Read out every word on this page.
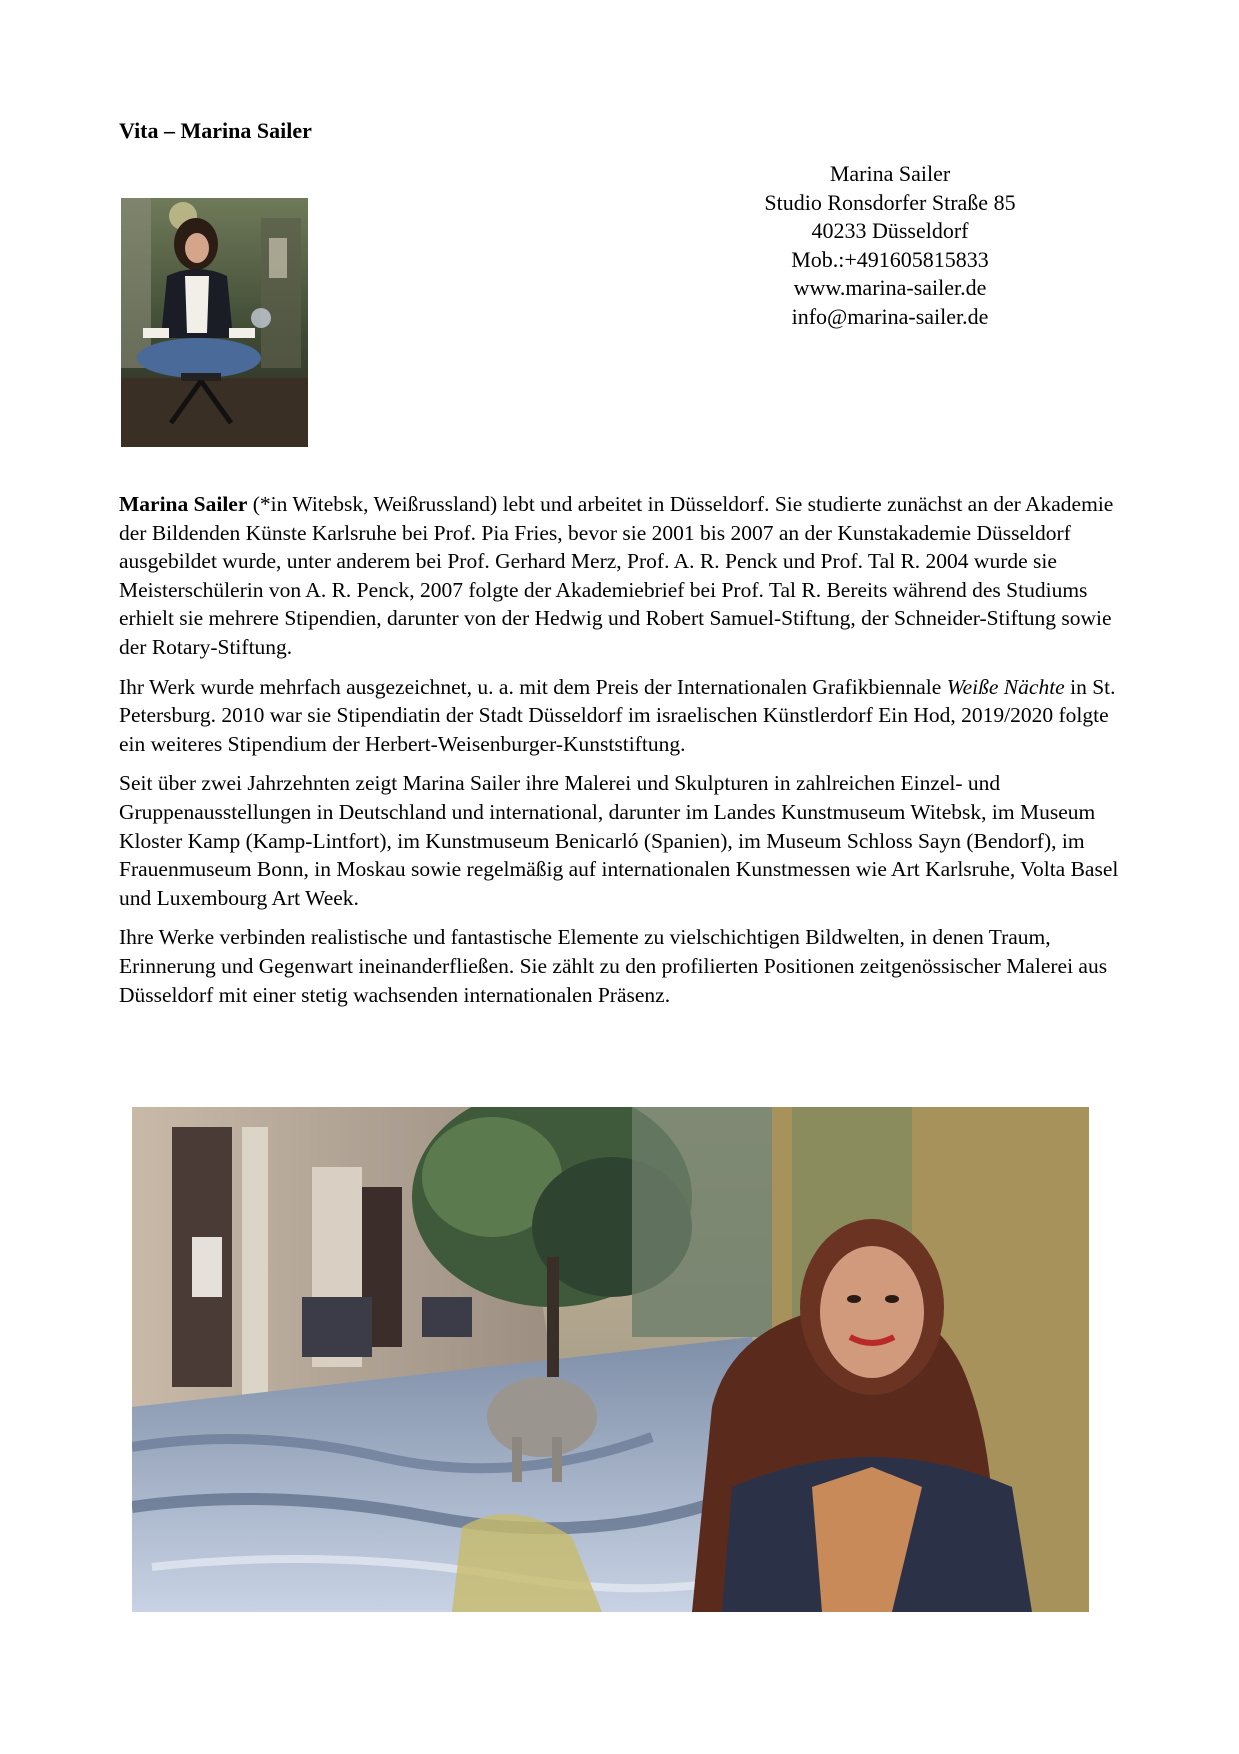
Vita – Marina Sailer
Marina Sailer
Studio Ronsdorfer Straße 85
40233 Düsseldorf
Mob.:+491605815833
www.marina-sailer.de
info@marina-sailer.de

Marina Sailer (*in Witebsk, Weißrussland) lebt und arbeitet in Düsseldorf. Sie studierte zunächst an der Akademie der Bildenden Künste Karlsruhe bei Prof. Pia Fries, bevor sie 2001 bis 2007 an der Kunstakademie Düsseldorf ausgebildet wurde, unter anderem bei Prof. Gerhard Merz, Prof. A. R. Penck und Prof. Tal R. 2004 wurde sie Meisterschülerin von A. R. Penck, 2007 folgte der Akademiebrief bei Prof. Tal R. Bereits während des Studiums erhielt sie mehrere Stipendien, darunter von der Hedwig und Robert Samuel-Stiftung, der Schneider-Stiftung sowie der Rotary-Stiftung.

Ihr Werk wurde mehrfach ausgezeichnet, u. a. mit dem Preis der Internationalen Grafikbiennale Weiße Nächte in St. Petersburg. 2010 war sie Stipendiatin der Stadt Düsseldorf im israelischen Künstlerdorf Ein Hod, 2019/2020 folgte ein weiteres Stipendium der Herbert-Weisenburger-Kunststiftung.

Seit über zwei Jahrzehnten zeigt Marina Sailer ihre Malerei und Skulpturen in zahlreichen Einzel- und Gruppenausstellungen in Deutschland und international, darunter im Landes Kunstmuseum Witebsk, im Museum Kloster Kamp (Kamp-Lintfort), im Kunstmuseum Benicarló (Spanien), im Museum Schloss Sayn (Bendorf), im Frauenmuseum Bonn, in Moskau sowie regelmäßig auf internationalen Kunstmessen wie Art Karlsruhe, Volta Basel und Luxembourg Art Week.

Ihre Werke verbinden realistische und fantastische Elemente zu vielschichtigen Bildwelten, in denen Traum, Erinnerung und Gegenwart ineinanderfließen. Sie zählt zu den profilierten Positionen zeitgenössischer Malerei aus Düsseldorf mit einer stetig wachsenden internationalen Präsenz.
